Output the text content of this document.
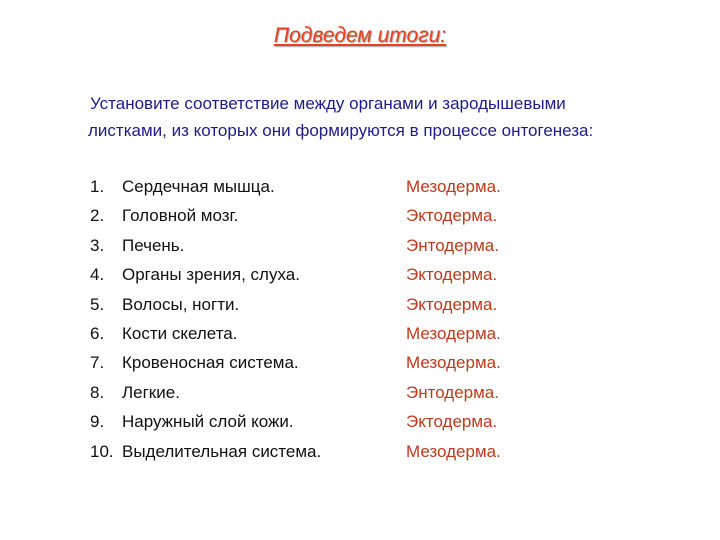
Подведем итоги:
Установите соответствие между органами и зародышевыми
листками, из которых они формируются в процессе онтогенеза:
1. Сердечная мышца.
2. Головной мозг.
3. Печень.
4. Органы зрения, слуха.
5. Волосы, ногти.
6. Кости скелета.
7. Кровеносная система.
8. Легкие.
9. Наружный слой кожи.
10. Выделительная система.
Мезодерма.
Эктодерма.
Энтодерма.
Эктодерма.
Эктодерма.
Мезодерма.
Мезодерма.
Энтодерма.
Эктодерма.
Мезодерма.
